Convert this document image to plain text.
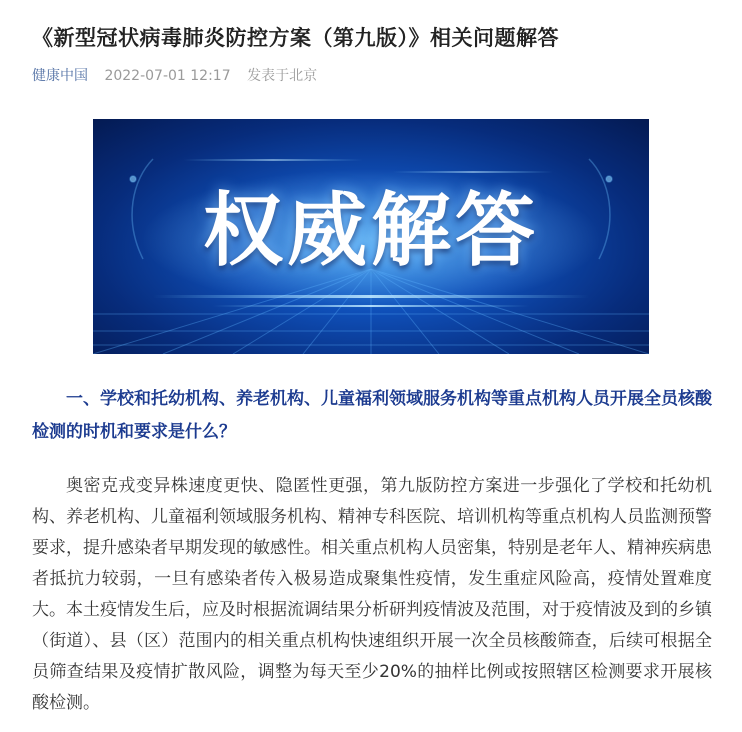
《新型冠状病毒肺炎防控方案（第九版）》相关问题解答
健康中国 2022-07-01 12:17 发表于北京
权威解答

一、学校和托幼机构、养老机构、儿童福利领域服务机构等重点机构人员开展全员核酸检测的时机和要求是什么？

奥密克戎变异株速度更快、隐匿性更强，第九版防控方案进一步强化了学校和托幼机构、养老机构、儿童福利领域服务机构、精神专科医院、培训机构等重点机构人员监测预警要求，提升感染者早期发现的敏感性。相关重点机构人员密集，特别是老年人、精神疾病患者抵抗力较弱，一旦有感染者传入极易造成聚集性疫情，发生重症风险高，疫情处置难度大。本土疫情发生后，应及时根据流调结果分析研判疫情波及范围，对于疫情波及到的乡镇（街道）、县（区）范围内的相关重点机构快速组织开展一次全员核酸筛查，后续可根据全员筛查结果及疫情扩散风险，调整为每天至少20%的抽样比例或按照辖区检测要求开展核酸检测。
